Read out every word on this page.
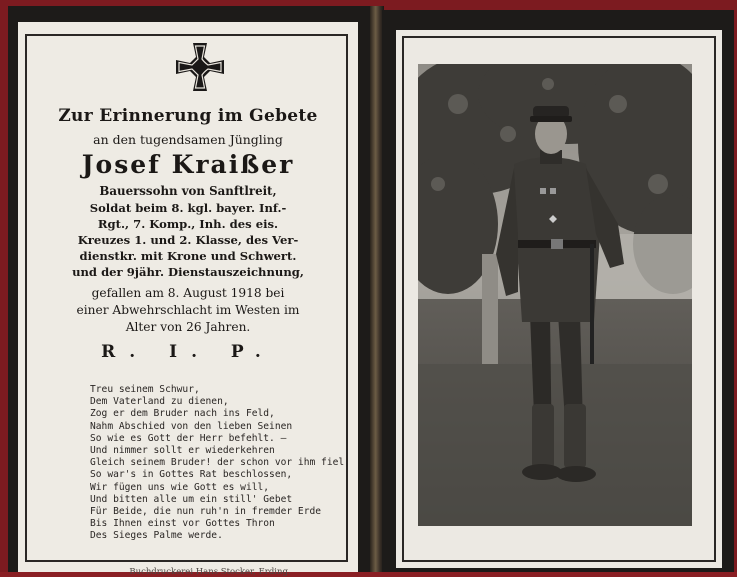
Zur Erinnerung im Gebete
an den tugendsamen Jüngling
Josef Kraißer
Bauerssohn von Sanftlreit,
Soldat beim 8. kgl. bayer. Inf.-
Rgt., 7. Komp., Inh. des eis.
Kreuzes 1. und 2. Klasse, des Ver-
dienstkr. mit Krone und Schwert.
und der 9jähr. Dienstauszeichnung,
gefallen am 8. August 1918 bei
einer Abwehrschlacht im Westen im
Alter von 26 Jahren.
R. I. P.
Treu seinem Schwur,
Dem Vaterland zu dienen,
Zog er dem Bruder nach ins Feld,
Nahm Abschied von den lieben Seinen
So wie es Gott der Herr befehlt. —
Und nimmer sollt er wiederkehren
Gleich seinem Bruder! der schon vor ihm fiel,
So war's in Gottes Rat beschlossen,
Wir fügen uns wie Gott es will,
Und bitten alle um ein still' Gebet
Für Beide, die nun ruh'n in fremder Erde
Bis Ihnen einst vor Gottes Thron
Des Sieges Palme werde.
Buchdruckerei Hans Stocker, Erding.
